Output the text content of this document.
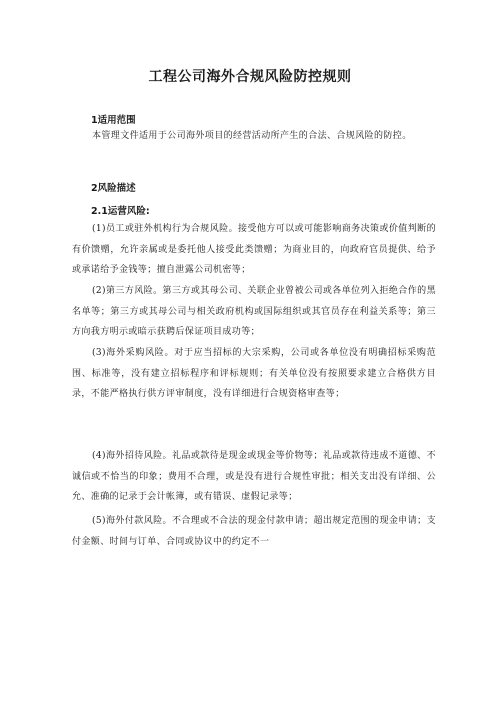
工程公司海外合规风险防控规则
1适用范围

本管理文件适用于公司海外项目的经营活动所产生的合法、合规风险的防控。

2风险描述
2.1运营风险:

(1)员工或驻外机构行为合规风险。接受他方可以或可能影响商务决策或价值判断的有价馈赠，允许亲属或是委托他人接受此类馈赠；为商业目的，向政府官员提供、给予或承诺给予金钱等；擅自泄露公司机密等；

(2)第三方风险。第三方或其母公司、关联企业曾被公司或各单位列入拒绝合作的黑名单等；第三方或其母公司与相关政府机构或国际组织或其官员存在利益关系等；第三方向我方明示或暗示获聘后保证项目成功等；

(3)海外采购风险。对于应当招标的大宗采购，公司或各单位没有明确招标采购范围、标准等，没有建立招标程序和评标规则；有关单位没有按照要求建立合格供方目录，不能严格执行供方评审制度，没有详细进行合规资格审查等；

(4)海外招待风险。礼品或款待是现金或现金等价物等；礼品或款待违成不道德、不诚信或不恰当的印象；费用不合理，或是没有进行合规性审批；相关支出没有详细、公允、准确的记录于会计帐簿，或有错误、虚假记录等；

(5)海外付款风险。不合理或不合法的现金付款申请；超出规定范围的现金申请；支付金额、时间与订单、合同或协议中的约定不一
